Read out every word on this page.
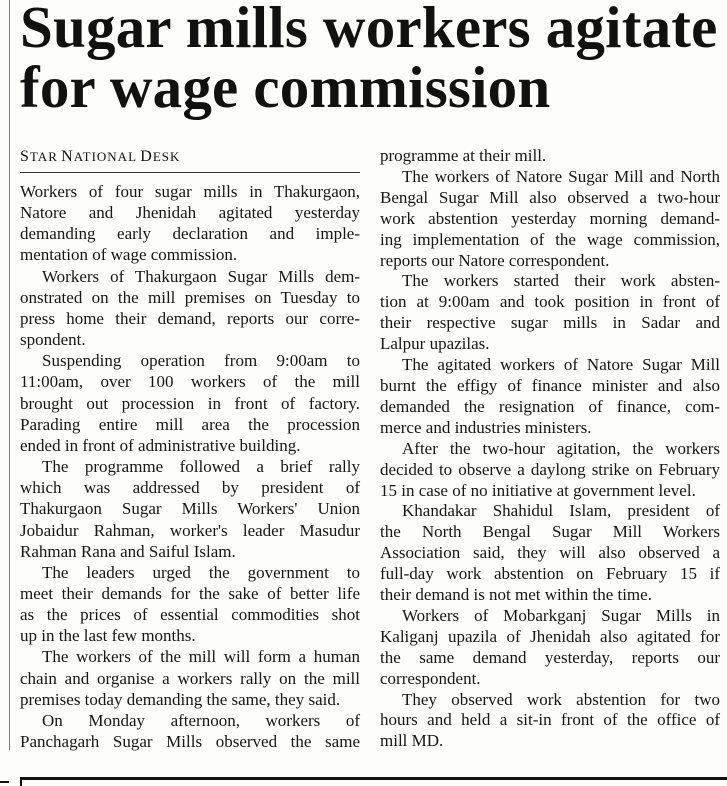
Sugar mills workers agitate
for wage commission
STAR NATIONAL DESK
Workers of four sugar mills in Thakurgaon,
Natore and Jhenidah agitated yesterday
demanding early declaration and imple-
mentation of wage commission.
Workers of Thakurgaon Sugar Mills dem-
onstrated on the mill premises on Tuesday to
press home their demand, reports our corre-
spondent.
Suspending operation from 9:00am to
11:00am, over 100 workers of the mill
brought out procession in front of factory.
Parading entire mill area the procession
ended in front of administrative building.
The programme followed a brief rally
which was addressed by president of
Thakurgaon Sugar Mills Workers' Union
Jobaidur Rahman, worker's leader Masudur
Rahman Rana and Saiful Islam.
The leaders urged the government to
meet their demands for the sake of better life
as the prices of essential commodities shot
up in the last few months.
The workers of the mill will form a human
chain and organise a workers rally on the mill
premises today demanding the same, they said.
On Monday afternoon, workers of
Panchagarh Sugar Mills observed the same
programme at their mill.
The workers of Natore Sugar Mill and North
Bengal Sugar Mill also observed a two-hour
work abstention yesterday morning demand-
ing implementation of the wage commission,
reports our Natore correspondent.
The workers started their work absten-
tion at 9:00am and took position in front of
their respective sugar mills in Sadar and
Lalpur upazilas.
The agitated workers of Natore Sugar Mill
burnt the effigy of finance minister and also
demanded the resignation of finance, com-
merce and industries ministers.
After the two-hour agitation, the workers
decided to observe a daylong strike on February
15 in case of no initiative at government level.
Khandakar Shahidul Islam, president of
the North Bengal Sugar Mill Workers
Association said, they will also observed a
full-day work abstention on February 15 if
their demand is not met within the time.
Workers of Mobarkganj Sugar Mills in
Kaliganj upazila of Jhenidah also agitated for
the same demand yesterday, reports our
correspondent.
They observed work abstention for two
hours and held a sit-in front of the office of
mill MD.
